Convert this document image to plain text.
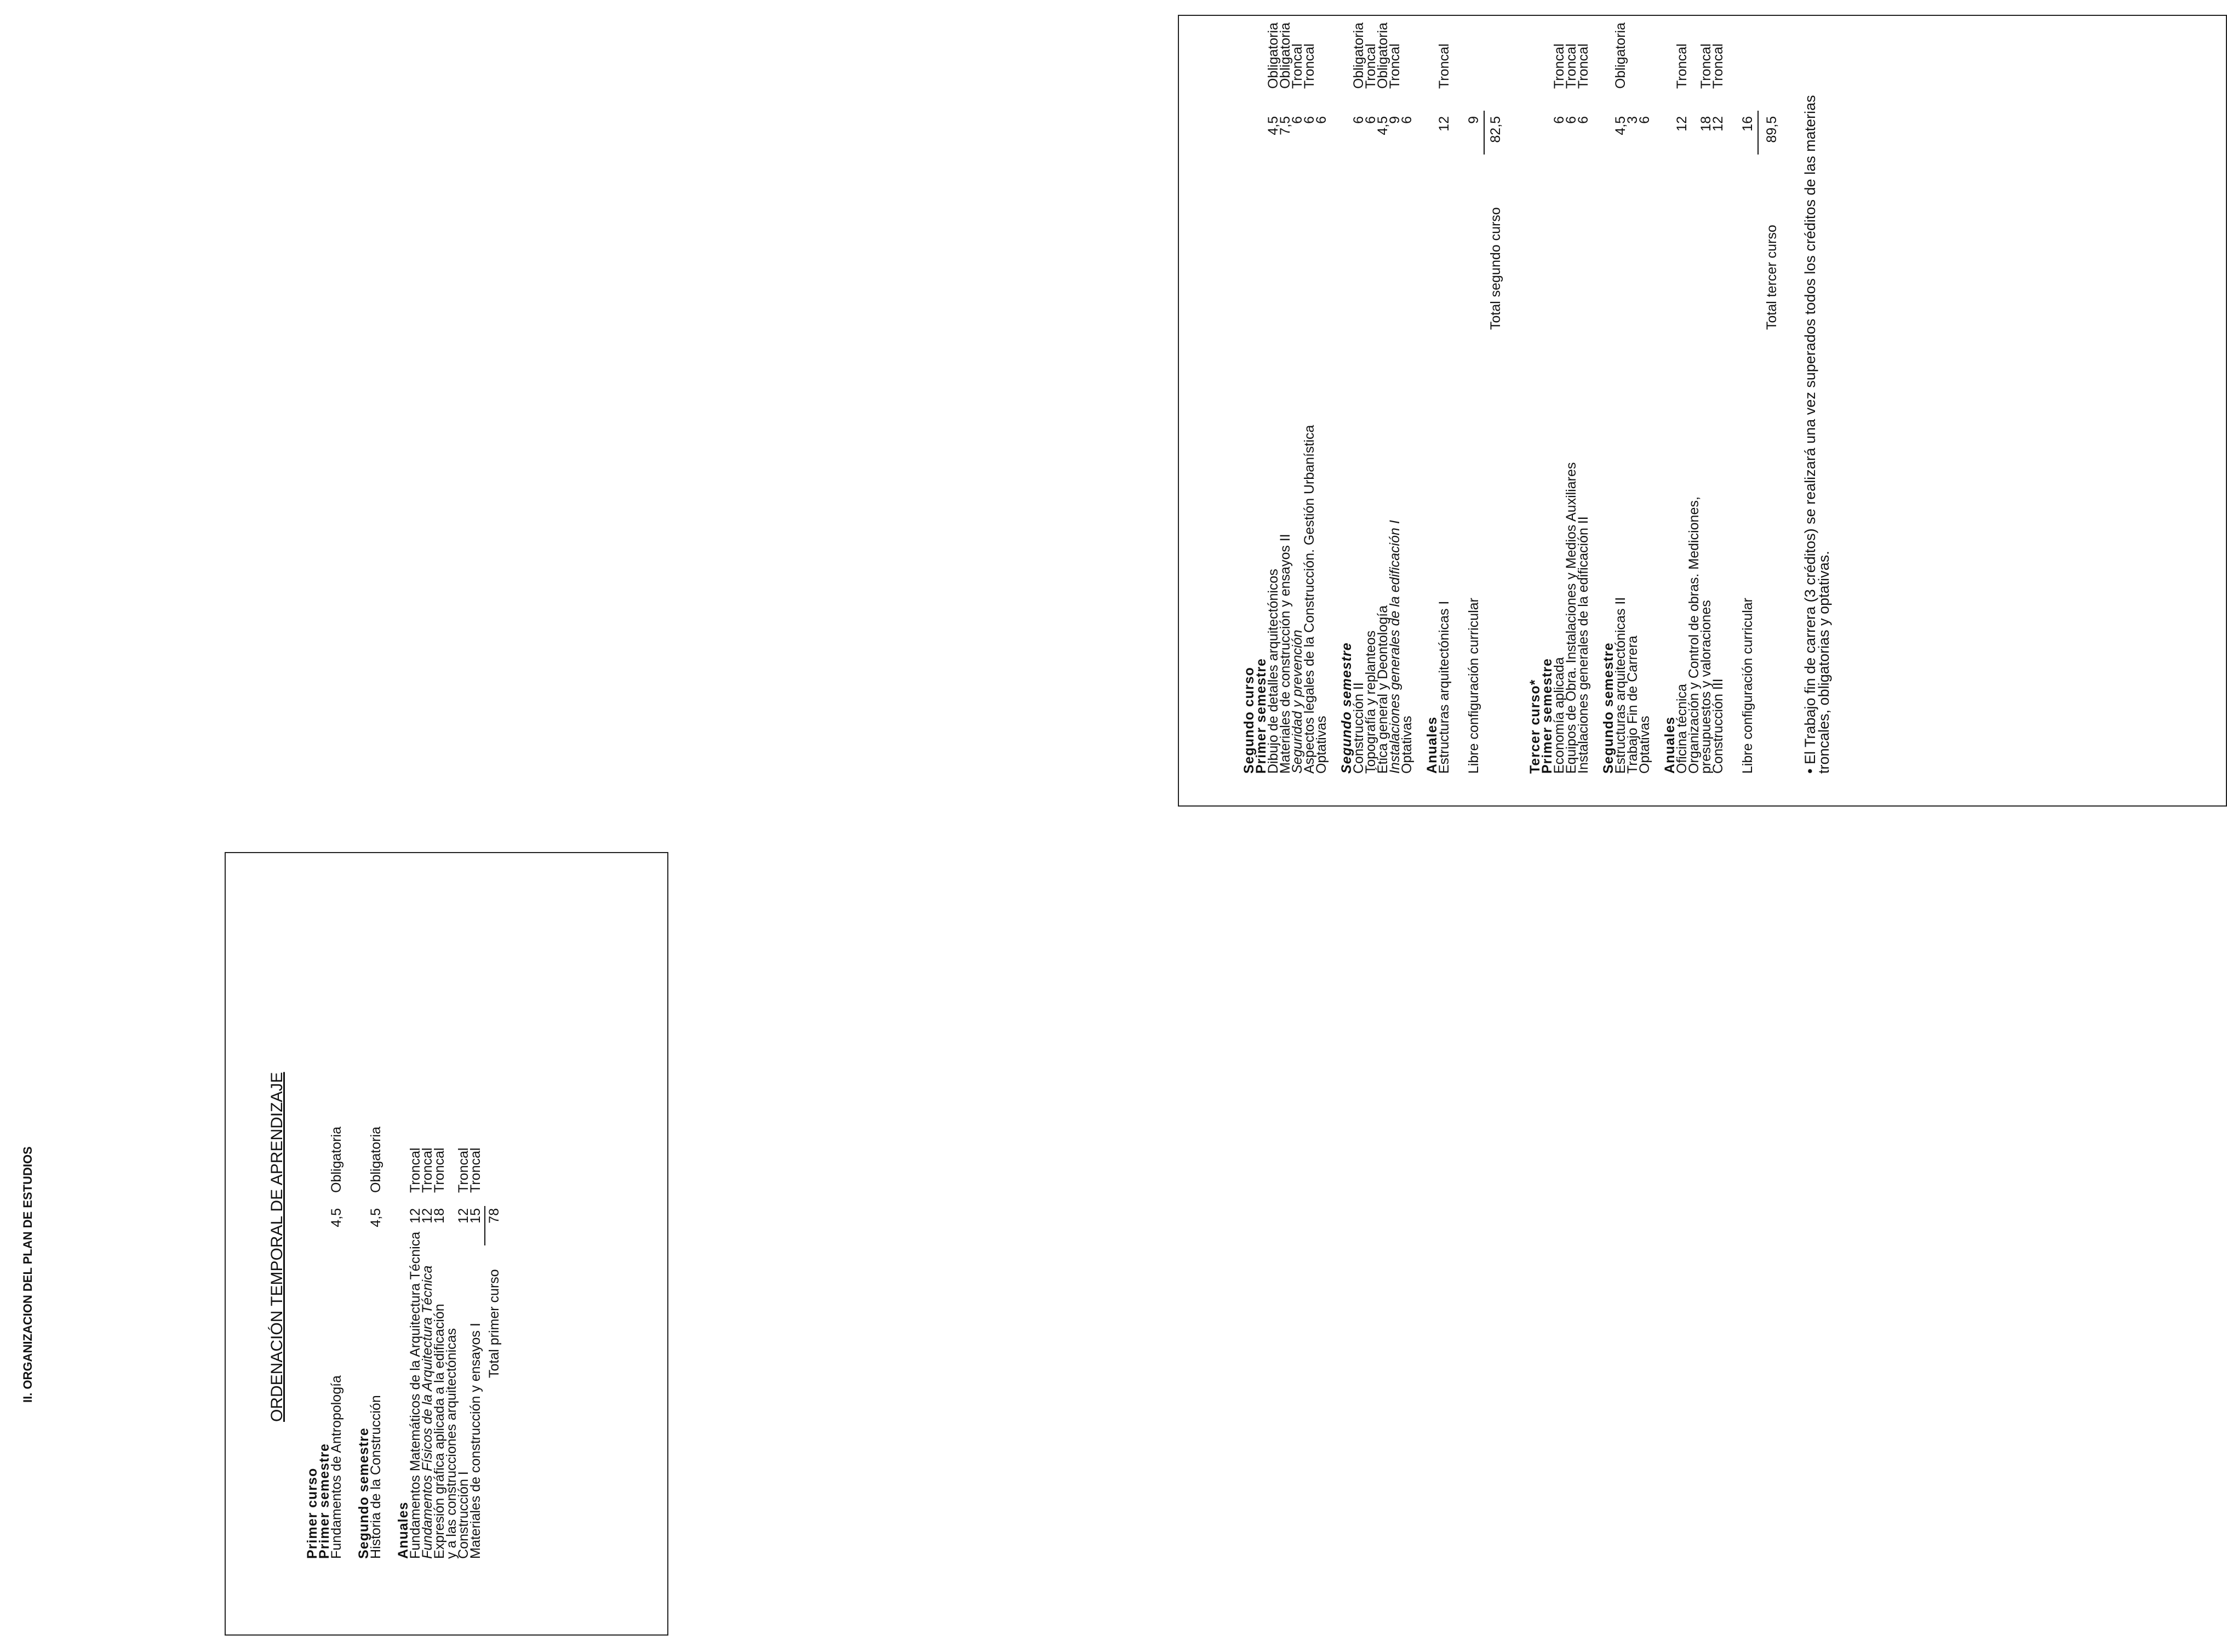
II. ORGANIZACION DEL PLAN DE ESTUDIOS	ORDENACIÓN TEMPORAL DE APRENDIZAJE
Primer curso
Primer semestre
Fundamentos de Antropología
4,5
Obligatoria
Segundo semestre
Historia de la Construcción
4,5
Obligatoria
Anuales
Fundamentos Matemáticos de la Arquitectura Técnica
12
Troncal
Fundamentos Físicos de la Arquitectura Técnica
12
Troncal
Expresión gráfica aplicada a la edificación
18
Troncal
y a las construcciones arquitectónicas
Construcción I
12
Troncal
Materiales de construcción y ensayos I
15
Troncal
Total primer curso
78
Segundo curso
Primer semestre
Dibujo de detalles arquitectónicos
4,5
Obligatoria
Materiales de construcción y ensayos II
7,5
Obligatoria
Seguridad y prevención
6
Troncal
Aspectos legales de la Construcción. Gestión Urbanística
6
Troncal
Optativas
6
Segundo semestre
Construcción II
6
Obligatoria
Topografía y replanteos
6
Troncal
Ética general y Deontología
4,5
Obligatoria
Instalaciones generales de la edificación I
9
Troncal
Optativas
6
Anuales
Estructuras arquitectónicas I
12
Troncal
Libre configuración curricular
9
Total segundo curso
82,5
Tercer curso*
Primer semestre
Economía aplicada
6
Troncal
Equipos de Obra. Instalaciones y Medios Auxiliares
6
Troncal
Instalaciones generales de la edificación II
6
Troncal
Segundo semestre
Estructuras arquitectónicas II
4,5
Obligatoria
Trabajo Fin de Carrera
3
Optativas
6
Anuales
Oficina técnica
12
Troncal
Organización y Control de obras. Mediciones,
presupuestos y valoraciones
18
Troncal
Construcción III
12
Troncal
Libre configuración curricular
16
Total tercer curso
89,5 • El Trabajo fin de carrera (3 créditos) se realizará una vez superados todos los créditos de las materias troncales, obligatorias y optativas.
